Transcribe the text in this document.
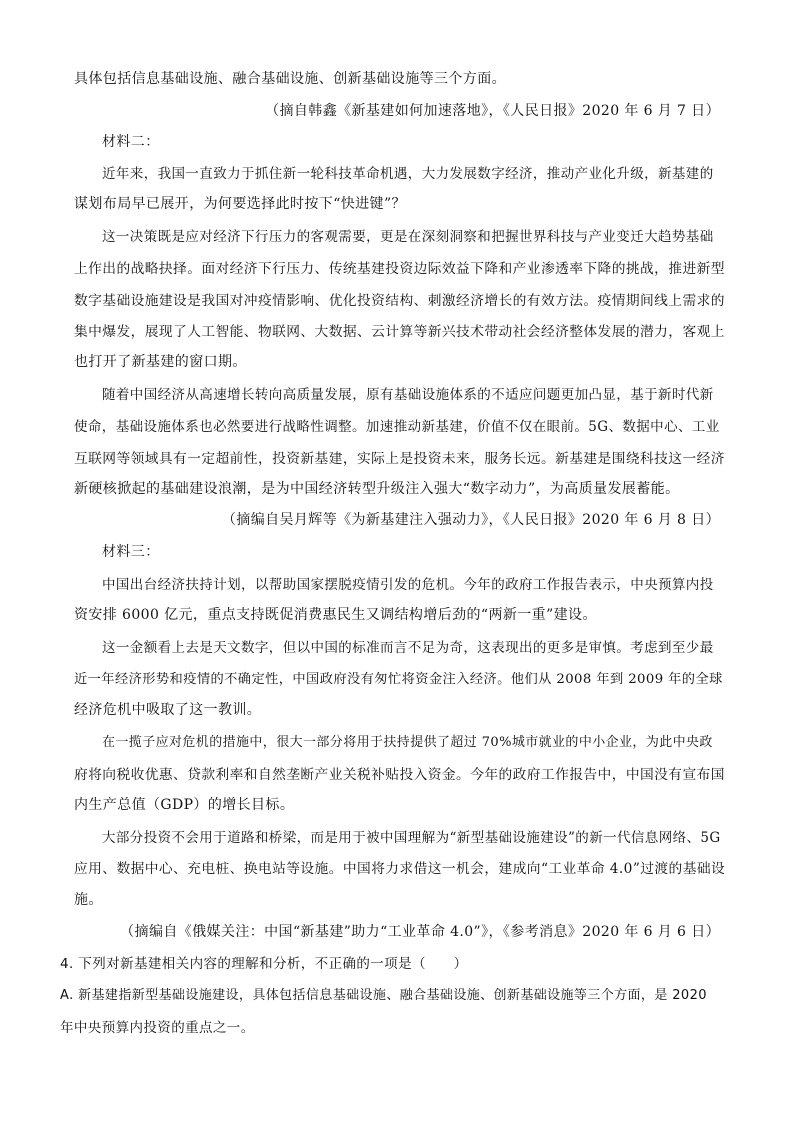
具体包括信息基础设施、融合基础设施、创新基础设施等三个方面。
（摘自韩鑫《新基建如何加速落地》，《人民日报》2020 年 6 月 7 日）
材料二：
近年来，我国一直致力于抓住新一轮科技革命机遇，大力发展数字经济，推动产业化升级，新基建的
谋划布局早已展开，为何要选择此时按下“快进键”？
这一决策既是应对经济下行压力的客观需要，更是在深刻洞察和把握世界科技与产业变迁大趋势基础
上作出的战略抉择。面对经济下行压力、传统基建投资边际效益下降和产业渗透率下降的挑战，推进新型
数字基础设施建设是我国对冲疫情影响、优化投资结构、刺激经济增长的有效方法。疫情期间线上需求的
集中爆发，展现了人工智能、物联网、大数据、云计算等新兴技术带动社会经济整体发展的潜力，客观上
也打开了新基建的窗口期。
随着中国经济从高速增长转向高质量发展，原有基础设施体系的不适应问题更加凸显，基于新时代新
使命，基础设施体系也必然要进行战略性调整。加速推动新基建，价值不仅在眼前。5G、数据中心、工业
互联网等领域具有一定超前性，投资新基建，实际上是投资未来，服务长远。新基建是围绕科技这一经济
新硬核掀起的基础建设浪潮，是为中国经济转型升级注入强大“数字动力”，为高质量发展蓄能。
（摘编自吴月辉等《为新基建注入强动力》，《人民日报》2020 年 6 月 8 日）
材料三：
中国出台经济扶持计划，以帮助国家摆脱疫情引发的危机。今年的政府工作报告表示，中央预算内投
资安排 6000 亿元，重点支持既促消费惠民生又调结构增后劲的“两新一重”建设。
这一金额看上去是天文数字，但以中国的标准而言不足为奇，这表现出的更多是审慎。考虑到至少最
近一年经济形势和疫情的不确定性，中国政府没有匆忙将资金注入经济。他们从 2008 年到 2009 年的全球
经济危机中吸取了这一教训。
在一揽子应对危机的措施中，很大一部分将用于扶持提供了超过 70%城市就业的中小企业，为此中央政
府将向税收优惠、贷款利率和自然垄断产业关税补贴投入资金。今年的政府工作报告中，中国没有宣布国
内生产总值（GDP）的增长目标。
大部分投资不会用于道路和桥梁，而是用于被中国理解为“新型基础设施建设”的新一代信息网络、5G
应用、数据中心、充电桩、换电站等设施。中国将力求借这一机会，建成向“工业革命 4.0”过渡的基础设
施。
（摘编自《俄媒关注：中国“新基建”助力“工业革命 4.0”》，《参考消息》2020 年 6 月 6 日）
4. 下列对新基建相关内容的理解和分析，不正确的一项是（　　）
A. 新基建指新型基础设施建设，具体包括信息基础设施、融合基础设施、创新基础设施等三个方面，是 2020
年中央预算内投资的重点之一。
